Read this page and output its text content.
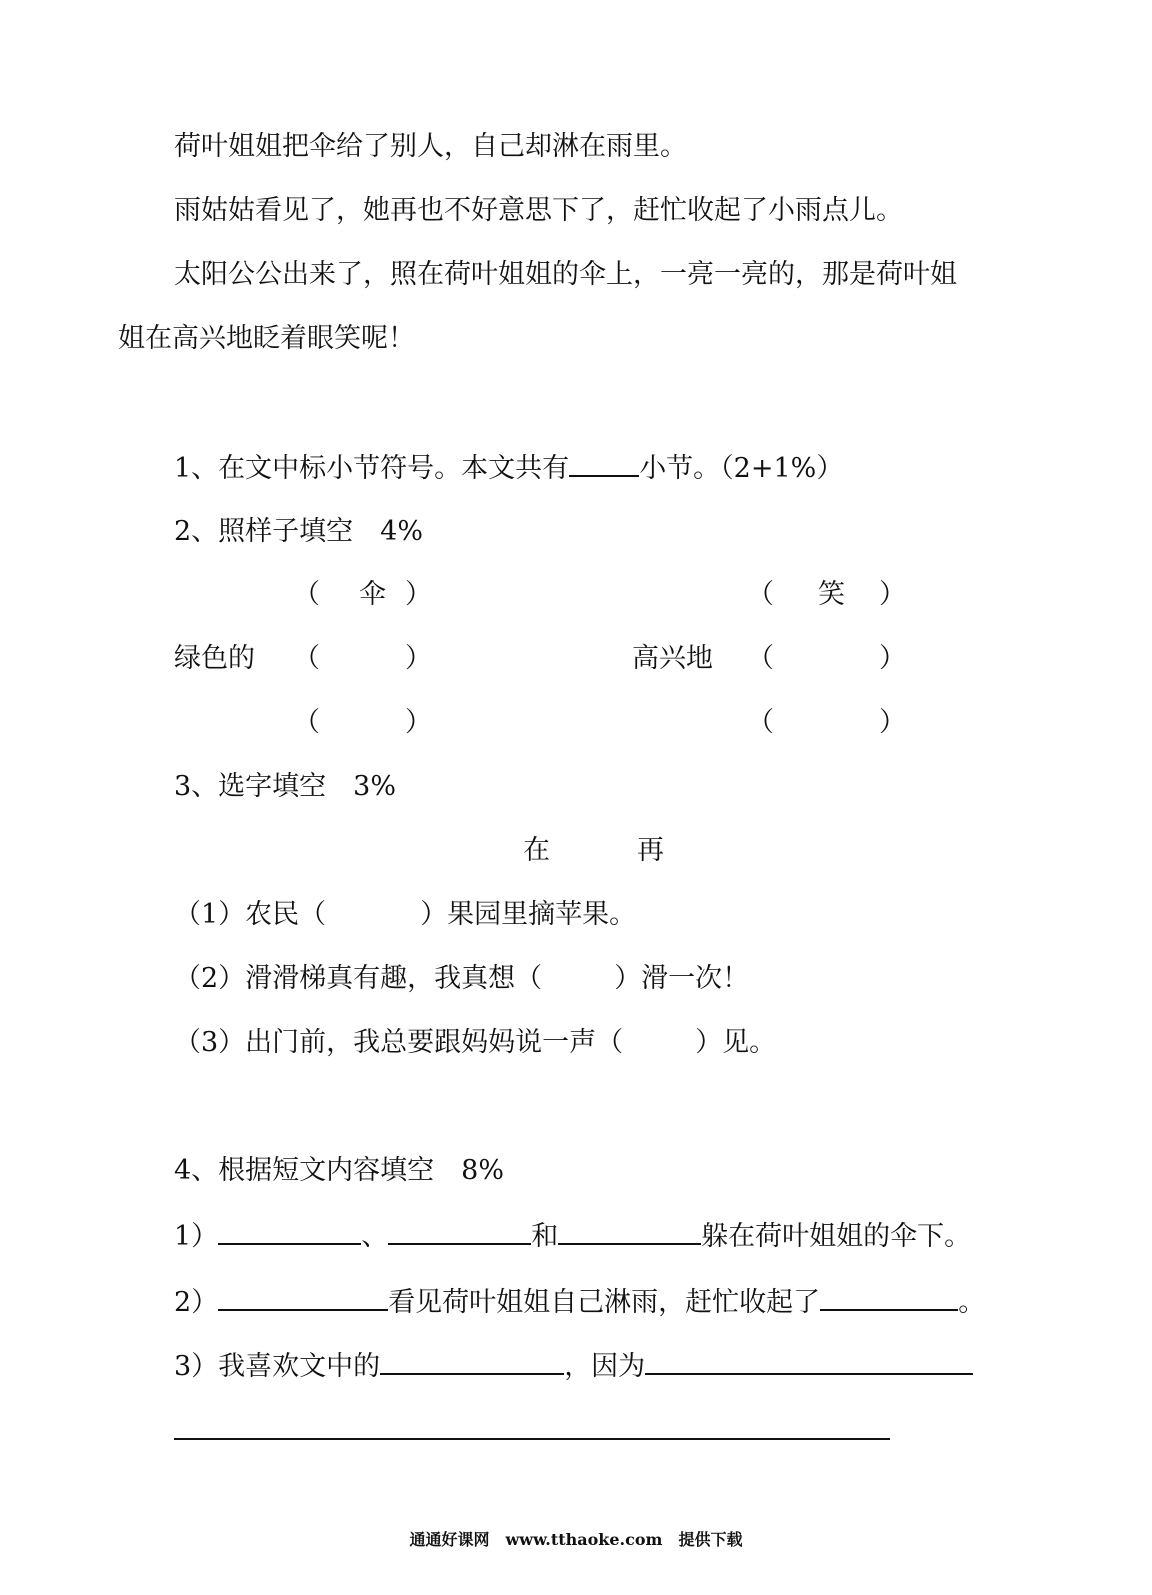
荷叶姐姐把伞给了别人，自己却淋在雨里。
雨姑姑看见了，她再也不好意思下了，赶忙收起了小雨点儿。
太阳公公出来了，照在荷叶姐姐的伞上，一亮一亮的，那是荷叶姐
姐在高兴地眨着眼笑呢！
1、在文中标小节符号。本文共有	小节。（2+1%）
2、照样子填空　4%
（ 伞 ）	（ 笑 ）
绿色的 （	）	高兴地 （	）
（	）	（	）
3、选字填空　3%
在	再
（1）农民（	）果园里摘苹果。
（2）滑滑梯真有趣，我真想（	）滑一次！
（3）出门前，我总要跟妈妈说一声（	）见。
4、根据短文内容填空　8%
1）	、	和	躲在荷叶姐姐的伞下。
2）	看见荷叶姐姐自己淋雨，赶忙收起了	。
3）我喜欢文中的	，因为
通通好课网　www.tthaoke.com　提供下载
